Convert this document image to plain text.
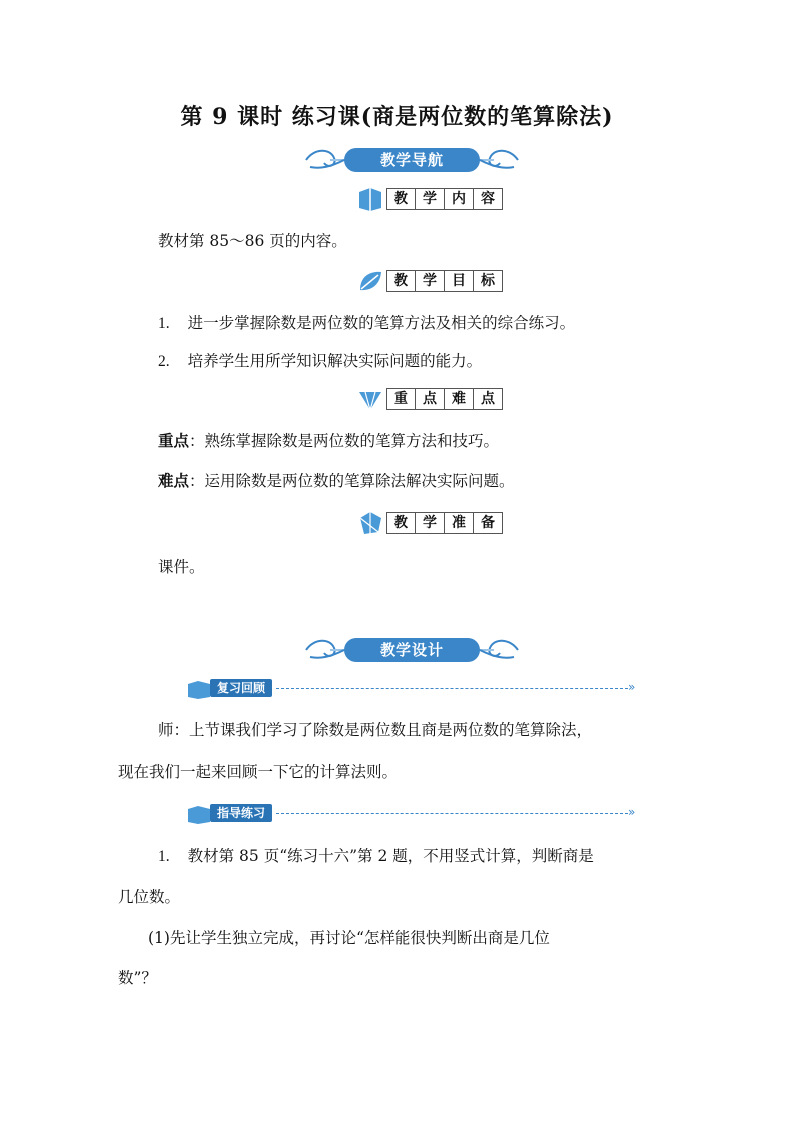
第 9 课时 练习课(商是两位数的笔算除法)
教学导航
教	学	内	容
教材第 85～86 页的内容。
教	学	目	标
1. 进一步掌握除数是两位数的笔算方法及相关的综合练习。
2. 培养学生用所学知识解决实际问题的能力。
重	点	难	点
重点：熟练掌握除数是两位数的笔算方法和技巧。
难点：运用除数是两位数的笔算除法解决实际问题。
教	学	准	备
课件。
教学设计
复习回顾	»
师：上节课我们学习了除数是两位数且商是两位数的笔算除法，
现在我们一起来回顾一下它的计算法则。
指导练习	»
1. 教材第 85 页“练习十六”第 2 题，不用竖式计算，判断商是
几位数。
(1)先让学生独立完成，再讨论“怎样能很快判断出商是几位
数”？
